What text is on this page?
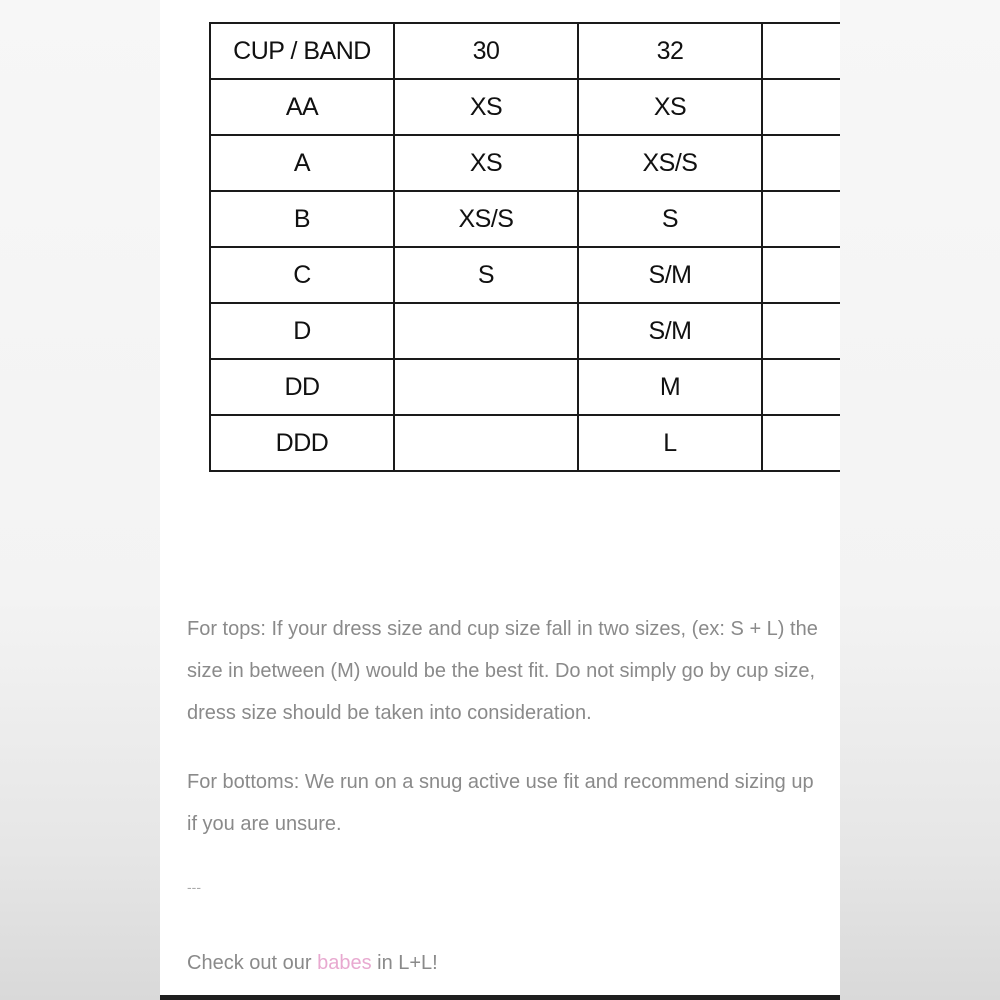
CUP / BAND	30	32	
AA	XS	XS	
A	XS	XS/S	
B	XS/S	S	
C	S	S/M	
D		S/M	
DD		M	
DDD		L	

For tops: If your dress size and cup size fall in two sizes, (ex: S + L) the size in between (M) would be the best fit. Do not simply go by cup size, dress size should be taken into consideration.

For bottoms: We run on a snug active use fit and recommend sizing up if you are unsure.

---

Check out our babes in L+L!
